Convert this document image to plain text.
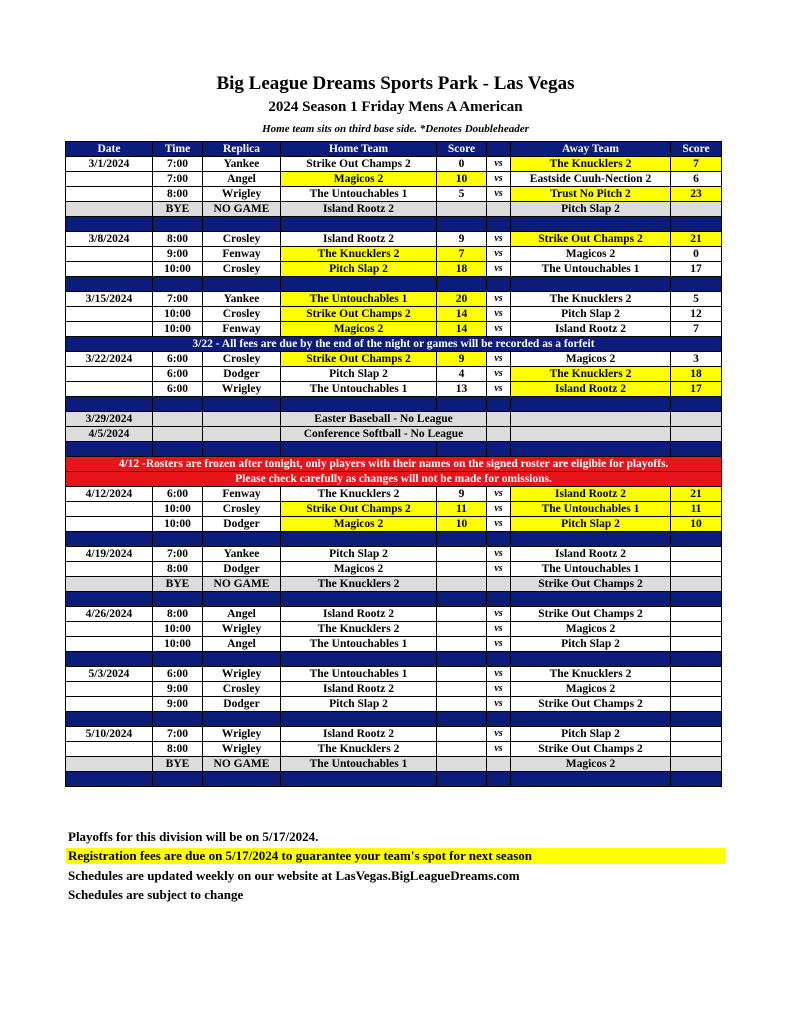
Big League Dreams Sports Park - Las Vegas
2024 Season 1 Friday Mens A American
Home team sits on third base side. *Denotes Doubleheader
Date	Time	Replica	Home Team	Score		Away Team	Score
3/1/2024	7:00	Yankee	Strike Out Champs 2	0	vs	The Knucklers 2	7
	7:00	Angel	Magicos 2	10	vs	Eastside Cuuh-Nection 2	6
	8:00	Wrigley	The Untouchables 1	5	vs	Trust No Pitch 2	23
	BYE	NO GAME	Island Rootz 2			Pitch Slap 2	

3/8/2024	8:00	Crosley	Island Rootz 2	9	vs	Strike Out Champs 2	21
	9:00	Fenway	The Knucklers 2	7	vs	Magicos 2	0
	10:00	Crosley	Pitch Slap 2	18	vs	The Untouchables 1	17

3/15/2024	7:00	Yankee	The Untouchables 1	20	vs	The Knucklers 2	5
	10:00	Crosley	Strike Out Champs 2	14	vs	Pitch Slap 2	12
	10:00	Fenway	Magicos 2	14	vs	Island Rootz 2	7
3/22 - All fees are due by the end of the night or games will be recorded as a forfeit							
3/22/2024	6:00	Crosley	Strike Out Champs 2	9	vs	Magicos 2	3
	6:00	Dodger	Pitch Slap 2	4	vs	The Knucklers 2	18
	6:00	Wrigley	The Untouchables 1	13	vs	Island Rootz 2	17

3/29/2024			Easter Baseball - No League				
4/5/2024			Conference Softball - No League				

4/12 -Rosters are frozen after tonight, only players with their names on the signed roster are eligible for playoffs.							
Please check carefully as changes will not be made for omissions.							
4/12/2024	6:00	Fenway	The Knucklers 2	9	vs	Island Rootz 2	21
	10:00	Crosley	Strike Out Champs 2	11	vs	The Untouchables 1	11
	10:00	Dodger	Magicos 2	10	vs	Pitch Slap 2	10

4/19/2024	7:00	Yankee	Pitch Slap 2		vs	Island Rootz 2	
	8:00	Dodger	Magicos 2		vs	The Untouchables 1	
	BYE	NO GAME	The Knucklers 2			Strike Out Champs 2	

4/26/2024	8:00	Angel	Island Rootz 2		vs	Strike Out Champs 2	
	10:00	Wrigley	The Knucklers 2		vs	Magicos 2	
	10:00	Angel	The Untouchables 1		vs	Pitch Slap 2	

5/3/2024	6:00	Wrigley	The Untouchables 1		vs	The Knucklers 2	
	9:00	Crosley	Island Rootz 2		vs	Magicos 2	
	9:00	Dodger	Pitch Slap 2		vs	Strike Out Champs 2	

5/10/2024	7:00	Wrigley	Island Rootz 2		vs	Pitch Slap 2	
	8:00	Wrigley	The Knucklers 2		vs	Strike Out Champs 2	
	BYE	NO GAME	The Untouchables 1			Magicos 2	

Playoffs for this division will be on 5/17/2024.
Registration fees are due on 5/17/2024 to guarantee your team's spot for next season
Schedules are updated weekly on our website at LasVegas.BigLeagueDreams.com
Schedules are subject to change
